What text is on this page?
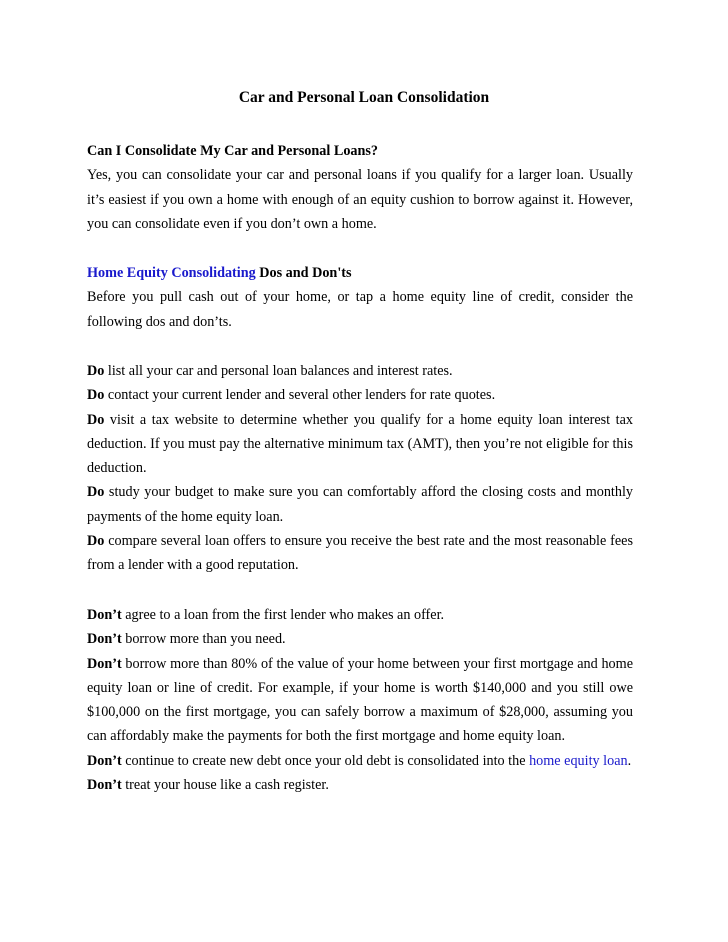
Car and Personal Loan Consolidation

Can I Consolidate My Car and Personal Loans?

Yes, you can consolidate your car and personal loans if you qualify for a larger loan. Usually it’s easiest if you own a home with enough of an equity cushion to borrow against it. However, you can consolidate even if you don’t own a home.

Home Equity Consolidating Dos and Don'ts

Before you pull cash out of your home, or tap a home equity line of credit, consider the following dos and don’ts.

Do list all your car and personal loan balances and interest rates.

Do contact your current lender and several other lenders for rate quotes.

Do visit a tax website to determine whether you qualify for a home equity loan interest tax deduction. If you must pay the alternative minimum tax (AMT), then you’re not eligible for this deduction.

Do study your budget to make sure you can comfortably afford the closing costs and monthly payments of the home equity loan.

Do compare several loan offers to ensure you receive the best rate and the most reasonable fees from a lender with a good reputation.

Don’t agree to a loan from the first lender who makes an offer.

Don’t borrow more than you need.

Don’t borrow more than 80% of the value of your home between your first mortgage and home equity loan or line of credit. For example, if your home is worth $140,000 and you still owe $100,000 on the first mortgage, you can safely borrow a maximum of $28,000, assuming you can affordably make the payments for both the first mortgage and home equity loan.

Don’t continue to create new debt once your old debt is consolidated into the home equity loan.

Don’t treat your house like a cash register.
